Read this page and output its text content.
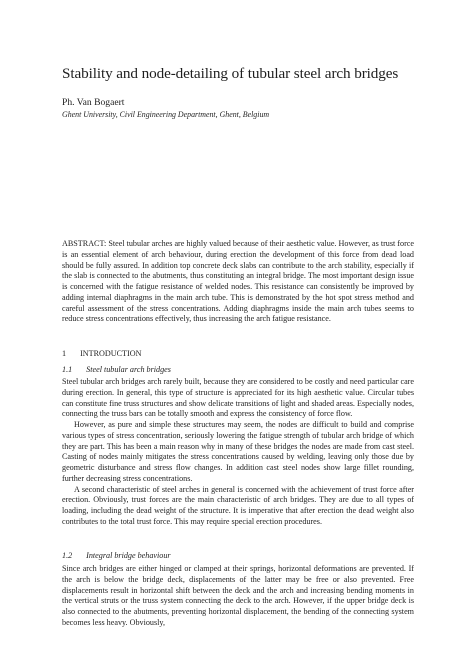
Stability and node-detailing of tubular steel arch bridges
Ph. Van Bogaert
Ghent University, Civil Engineering Department, Ghent, Belgium

ABSTRACT: Steel tubular arches are highly valued because of their aesthetic value. However, as trust force is an essential element of arch behaviour, during erection the development of this force from dead load should be fully assured. In addition top concrete deck slabs can contribute to the arch stability, especially if the slab is connected to the abutments, thus constituting an integral bridge. The most important design issue is concerned with the fatigue resistance of welded nodes. This resistance can consistently be improved by adding internal diaphragms in the main arch tube. This is demonstrated by the hot spot stress method and careful assessment of the stress concentrations. Adding diaphragms inside the main arch tubes seems to reduce stress concentrations effectively, thus increasing the arch fatigue resistance.

1 INTRODUCTION
1.1 Steel tubular arch bridges

Steel tubular arch bridges arch rarely built, because they are considered to be costly and need particular care during erection. In general, this type of structure is appreciated for its high aesthetic value. Circular tubes can constitute fine truss structures and show delicate transitions of light and shaded areas. Especially nodes, connecting the truss bars can be totally smooth and express the consistency of force flow.

However, as pure and simple these structures may seem, the nodes are difficult to build and comprise various types of stress concentration, seriously lowering the fatigue strength of tubular arch bridge of which they are part. This has been a main reason why in many of these bridges the nodes are made from cast steel. Casting of nodes mainly mitigates the stress concentrations caused by welding, leaving only those due by geometric disturbance and stress flow changes. In addition cast steel nodes show large fillet rounding, further decreasing stress concentrations.

A second characteristic of steel arches in general is concerned with the achievement of trust force after erection. Obviously, trust forces are the main characteristic of arch bridges. They are due to all types of loading, including the dead weight of the structure. It is imperative that after erection the dead weight also contributes to the total trust force. This may require special erection procedures.

1.2 Integral bridge behaviour

Since arch bridges are either hinged or clamped at their springs, horizontal deformations are prevented. If the arch is below the bridge deck, displacements of the latter may be free or also prevented. Free displacements result in horizontal shift between the deck and the arch and increasing bending moments in the vertical struts or the truss system connecting the deck to the arch. However, if the upper bridge deck is also connected to the abutments, preventing horizontal displacement, the bending of the connecting system becomes less heavy. Obviously,
